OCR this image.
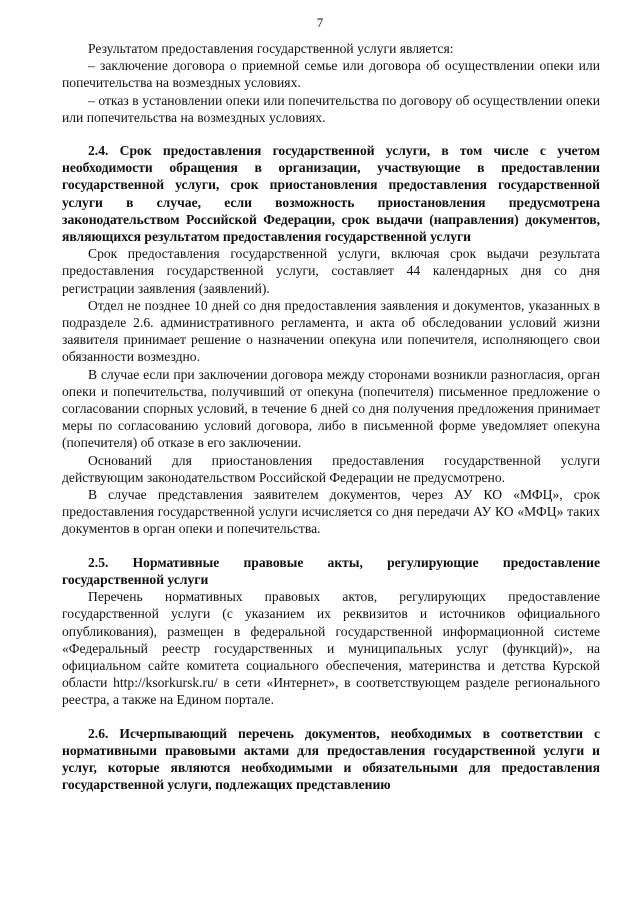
7

Результатом предоставления государственной услуги является:

– заключение договора о приемной семье или договора об осуществлении опеки или попечительства на возмездных условиях.

– отказ в установлении опеки или попечительства по договору об осуществлении опеки или попечительства на возмездных условиях.

2.4. Срок предоставления государственной услуги, в том числе с учетом необходимости обращения в организации, участвующие в предоставлении государственной услуги, срок приостановления предоставления государственной услуги в случае, если возможность приостановления предусмотрена законодательством Российской Федерации, срок выдачи (направления) документов, являющихся результатом предоставления государственной услуги

Срок предоставления государственной услуги, включая срок выдачи результата предоставления государственной услуги, составляет 44 календарных дня со дня регистрации заявления (заявлений).

Отдел не позднее 10 дней со дня предоставления заявления и документов, указанных в подразделе 2.6. административного регламента, и акта об обследовании условий жизни заявителя принимает решение о назначении опекуна или попечителя, исполняющего свои обязанности возмездно.

В случае если при заключении договора между сторонами возникли разногласия, орган опеки и попечительства, получивший от опекуна (попечителя) письменное предложение о согласовании спорных условий, в течение 6 дней со дня получения предложения принимает меры по согласованию условий договора, либо в письменной форме уведомляет опекуна (попечителя) об отказе в его заключении.

Оснований для приостановления предоставления государственной услуги действующим законодательством Российской Федерации не предусмотрено.

В случае представления заявителем документов, через АУ КО «МФЦ», срок предоставления государственной услуги исчисляется со дня передачи АУ КО «МФЦ» таких документов в орган опеки и попечительства.

2.5. Нормативные правовые акты, регулирующие предоставление государственной услуги

Перечень нормативных правовых актов, регулирующих предоставление государственной услуги (с указанием их реквизитов и источников официального опубликования), размещен в федеральной государственной информационной системе «Федеральный реестр государственных и муниципальных услуг (функций)», на официальном сайте комитета социального обеспечения, материнства и детства Курской области http://ksorkursk.ru/ в сети «Интернет», в соответствующем разделе регионального реестра, а также на Едином портале.

2.6. Исчерпывающий перечень документов, необходимых в соответствии с нормативными правовыми актами для предоставления государственной услуги и услуг, которые являются необходимыми и обязательными для предоставления государственной услуги, подлежащих представлению
